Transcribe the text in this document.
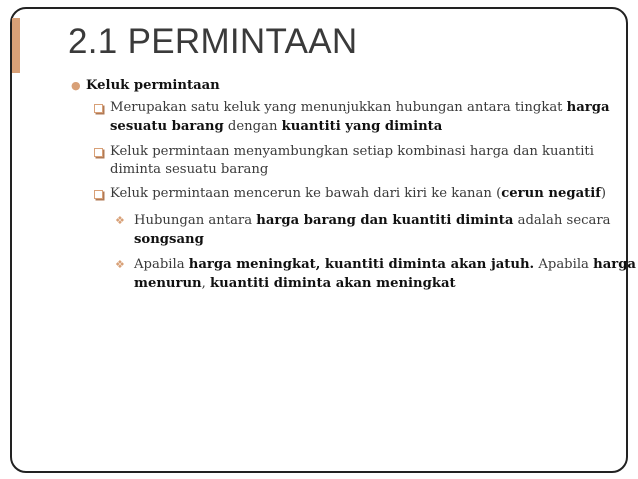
2.1 PERMINTAAN
● Keluk permintaan
Merupakan satu keluk yang menunjukkan hubungan antara tingkat harga
sesuatu barang dengan kuantiti yang diminta
Keluk permintaan menyambungkan setiap kombinasi harga dan kuantiti
diminta sesuatu barang
Keluk permintaan mencerun ke bawah dari kiri ke kanan (cerun negatif)
❖ Hubungan antara harga barang dan kuantiti diminta adalah secara
songsang
❖ Apabila harga meningkat, kuantiti diminta akan jatuh. Apabila harga
menurun, kuantiti diminta akan meningkat
